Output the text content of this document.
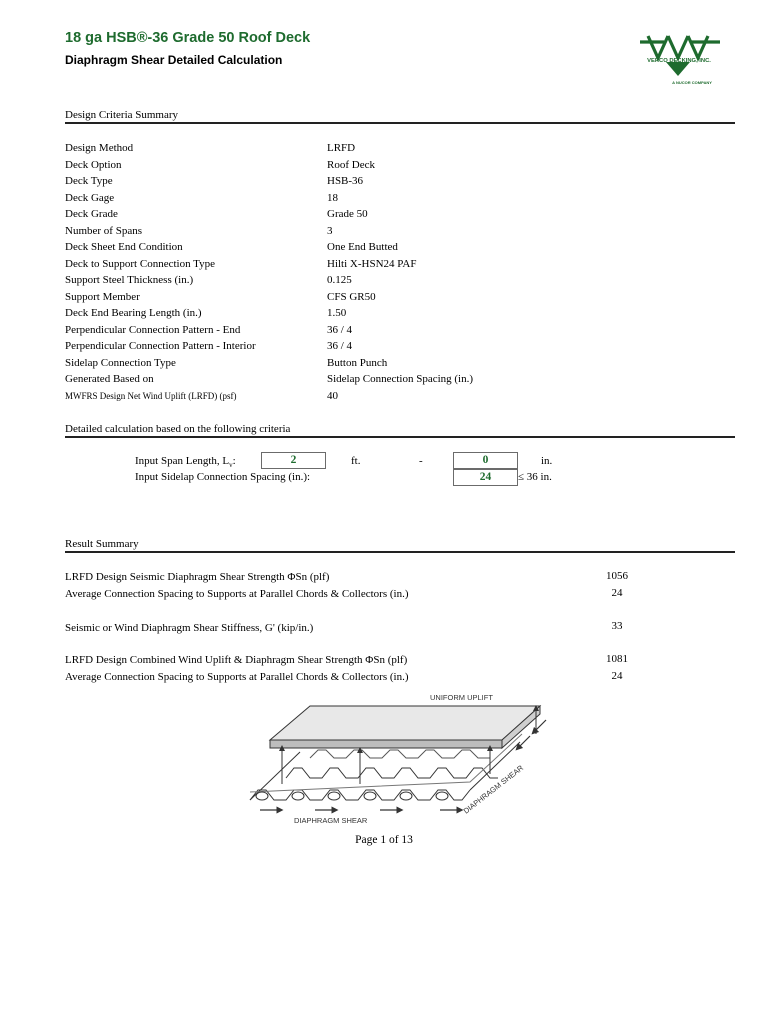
18 ga HSB®-36 Grade 50 Roof Deck
Diaphragm Shear Detailed Calculation	VERCO DECKING, INC.
A NUCOR COMPANY
Design Criteria Summary
Design Method	LRFD
Deck Option	Roof Deck
Deck Type	HSB-36
Deck Gage	18
Deck Grade	Grade 50
Number of Spans	3
Deck Sheet End Condition	One End Butted
Deck to Support Connection Type	Hilti X-HSN24 PAF
Support Steel Thickness (in.)	0.125
Support Member	CFS GR50
Deck End Bearing Length (in.)	1.50
Perpendicular Connection Pattern - End	36 / 4
Perpendicular Connection Pattern - Interior	36 / 4
Sidelap Connection Type	Button Punch
Generated Based on	Sidelap Connection Spacing (in.)
MWFRS Design Net Wind Uplift (LRFD) (psf)	40
Detailed calculation based on the following criteria
Input Span Length, $L_v$:	2	ft.	-	0	in.
Input Sidelap Connection Spacing (in.):	24	≤ 36 in.
Result Summary
LRFD Design Seismic Diaphragm Shear Strength ΦSn (plf)	1056
Average Connection Spacing to Supports at Parallel Chords & Collectors (in.)	24
Seismic or Wind Diaphragm Shear Stiffness, G' (kip/in.)	33
LRFD Design Combined Wind Uplift & Diaphragm Shear Strength ΦSn (plf)	1081
Average Connection Spacing to Supports at Parallel Chords & Collectors (in.)	24
UNIFORM UPLIFT
DIAPHRAGM SHEAR
DIAPHRAGM SHEAR
Page 1 of 13
